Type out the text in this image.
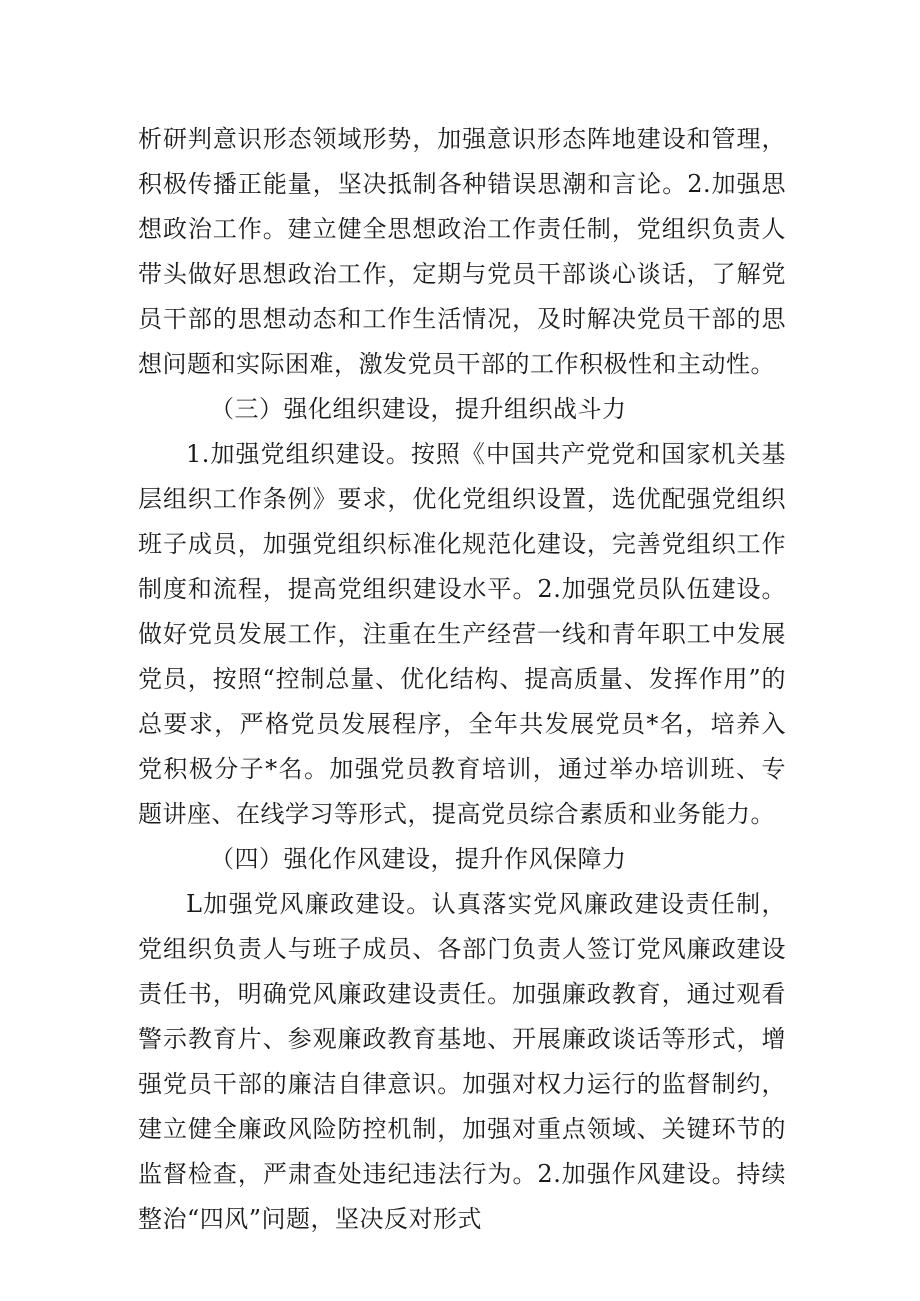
析研判意识形态领域形势，加强意识形态阵地建设和管理，积极传播正能量，坚决抵制各种错误思潮和言论。2.加强思想政治工作。建立健全思想政治工作责任制，党组织负责人带头做好思想政治工作，定期与党员干部谈心谈话，了解党员干部的思想动态和工作生活情况，及时解决党员干部的思想问题和实际困难，激发党员干部的工作积极性和主动性。

（三）强化组织建设，提升组织战斗力

1.加强党组织建设。按照《中国共产党党和国家机关基层组织工作条例》要求，优化党组织设置，选优配强党组织班子成员，加强党组织标准化规范化建设，完善党组织工作制度和流程，提高党组织建设水平。2.加强党员队伍建设。做好党员发展工作，注重在生产经营一线和青年职工中发展党员，按照“控制总量、优化结构、提高质量、发挥作用”的总要求，严格党员发展程序，全年共发展党员*名，培养入党积极分子*名。加强党员教育培训，通过举办培训班、专题讲座、在线学习等形式，提高党员综合素质和业务能力。

（四）强化作风建设，提升作风保障力

L加强党风廉政建设。认真落实党风廉政建设责任制，党组织负责人与班子成员、各部门负责人签订党风廉政建设责任书，明确党风廉政建设责任。加强廉政教育，通过观看警示教育片、参观廉政教育基地、开展廉政谈话等形式，增强党员干部的廉洁自律意识。加强对权力运行的监督制约，建立健全廉政风险防控机制，加强对重点领域、关键环节的监督检查，严肃查处违纪违法行为。2.加强作风建设。持续整治“四风”问题，坚决反对形式
